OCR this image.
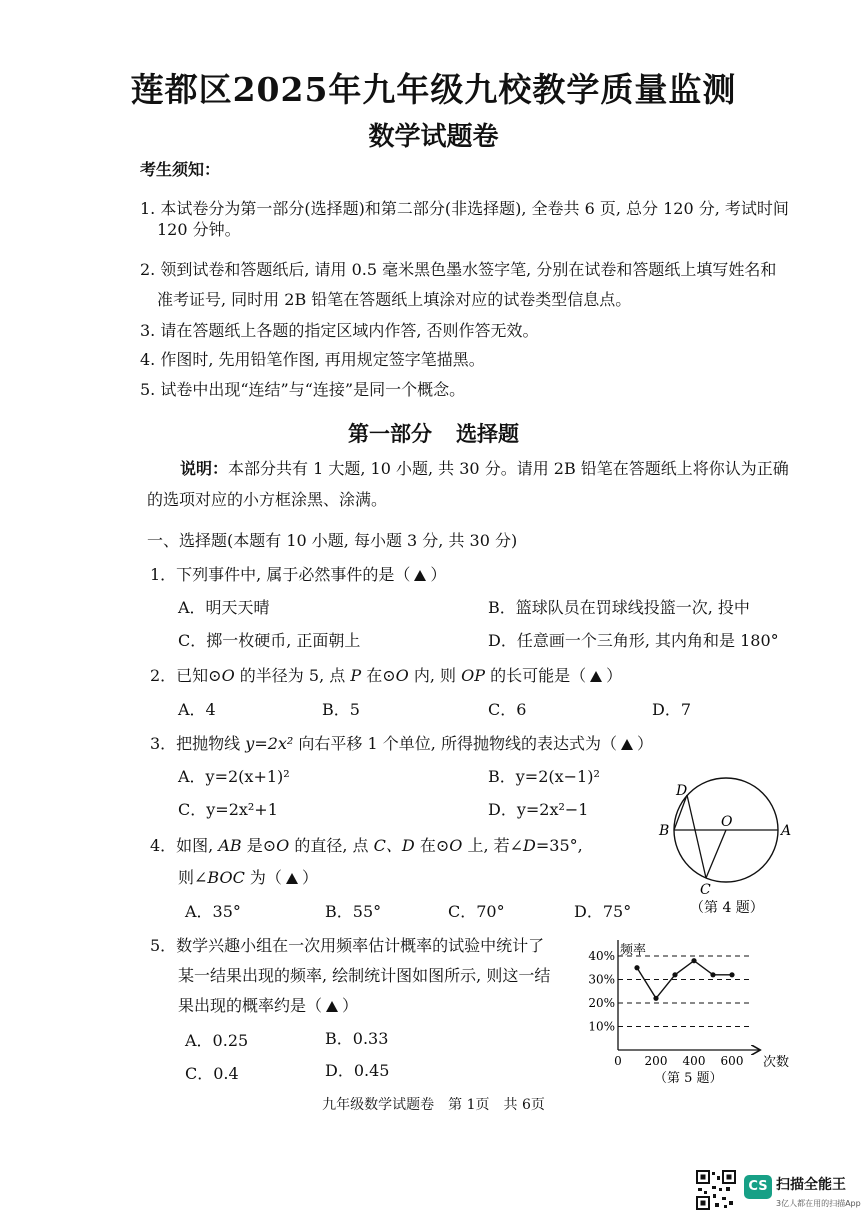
莲都区2025年九年级九校教学质量监测
数学试题卷
考生须知：
1. 本试卷分为第一部分(选择题)和第二部分(非选择题), 全卷共 6 页, 总分 120 分, 考试时间
120 分钟。
2. 领到试卷和答题纸后, 请用 0.5 毫米黑色墨水签字笔, 分别在试卷和答题纸上填写姓名和
准考证号, 同时用 2B 铅笔在答题纸上填涂对应的试卷类型信息点。
3. 请在答题纸上各题的指定区域内作答, 否则作答无效。
4. 作图时, 先用铅笔作图, 再用规定签字笔描黑。
5. 试卷中出现“连结”与“连接”是同一个概念。
第一部分 选择题
说明：本部分共有 1 大题, 10 小题, 共 30 分。请用 2B 铅笔在答题纸上将你认为正确
的选项对应的小方框涂黑、涂满。
一、选择题(本题有 10 小题, 每小题 3 分, 共 30 分)
1．下列事件中, 属于必然事件的是（ ）
A．明天天晴	B．篮球队员在罚球线投篮一次, 投中
C．掷一枚硬币, 正面朝上	D．任意画一个三角形, 其内角和是 180°
2．已知⊙O 的半径为 5, 点 P 在⊙O 内, 则 OP 的长可能是（ ）
A．4	B．5	C．6	D．7
3．把抛物线 y=2x² 向右平移 1 个单位, 所得抛物线的表达式为（ ）
A．y=2(x+1)²	B．y=2(x−1)²
C．y=2x²+1	D．y=2x²−1
4．如图, AB 是⊙O 的直径, 点 C、D 在⊙O 上, 若∠D=35°,
则∠BOC 为（ ）
A．35°	B．55°	C．70°	D．75°
D
B
O
A
C
（第 4 题）
5．数学兴趣小组在一次用频率估计概率的试验中统计了
某一结果出现的频率, 绘制统计图如图所示, 则这一结
果出现的概率约是（ ）
A．0.25	B．0.33
C．0.4	D．0.45
10%
20%
30%
40%
0 200 400 600
频率
次数
（第 5 题）
九年级数学试题卷　第 1页　共 6页
CS 扫描全能王
3亿人都在用的扫描App
